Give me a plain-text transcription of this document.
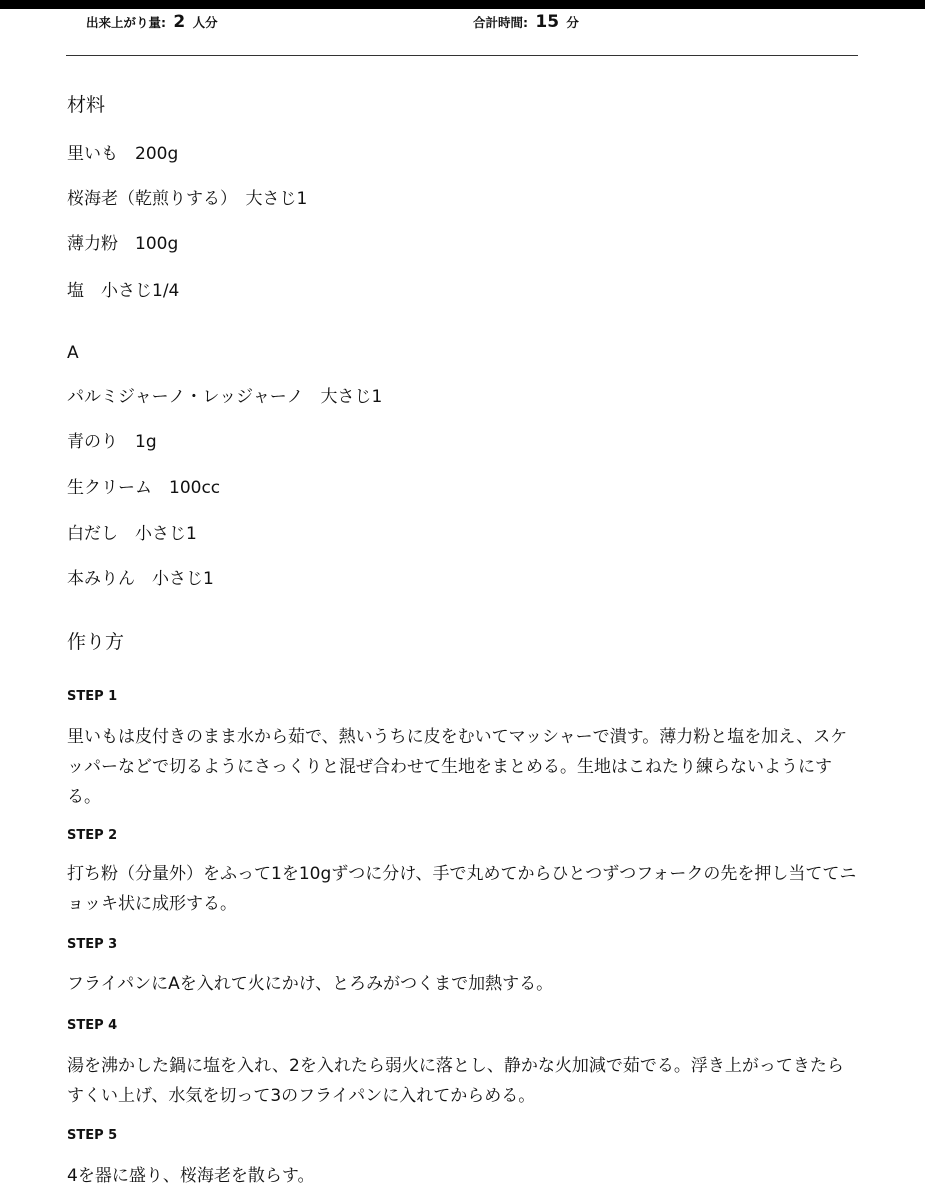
出来上がり量: 2 人分	合計時間: 15 分
材料
里いも　200g
桜海老（乾煎りする）　大さじ1
薄力粉　100g
塩　小さじ1/4
A
パルミジャーノ・レッジャーノ　大さじ1
青のり　1g
生クリーム　100cc
白だし　小さじ1
本みりん　小さじ1
作り方
STEP 1
里いもは皮付きのまま水から茹で、熱いうちに皮をむいてマッシャーで潰す。薄力粉と塩を加え、スケッパーなどで切るようにさっくりと混ぜ合わせて生地をまとめる。生地はこねたり練らないようにする。
STEP 2
打ち粉（分量外）をふって1を10gずつに分け、手で丸めてからひとつずつフォークの先を押し当ててニョッキ状に成形する。
STEP 3
フライパンにAを入れて火にかけ、とろみがつくまで加熱する。
STEP 4
湯を沸かした鍋に塩を入れ、2を入れたら弱火に落とし、静かな火加減で茹でる。浮き上がってきたらすくい上げ、水気を切って3のフライパンに入れてからめる。
STEP 5
4を器に盛り、桜海老を散らす。
